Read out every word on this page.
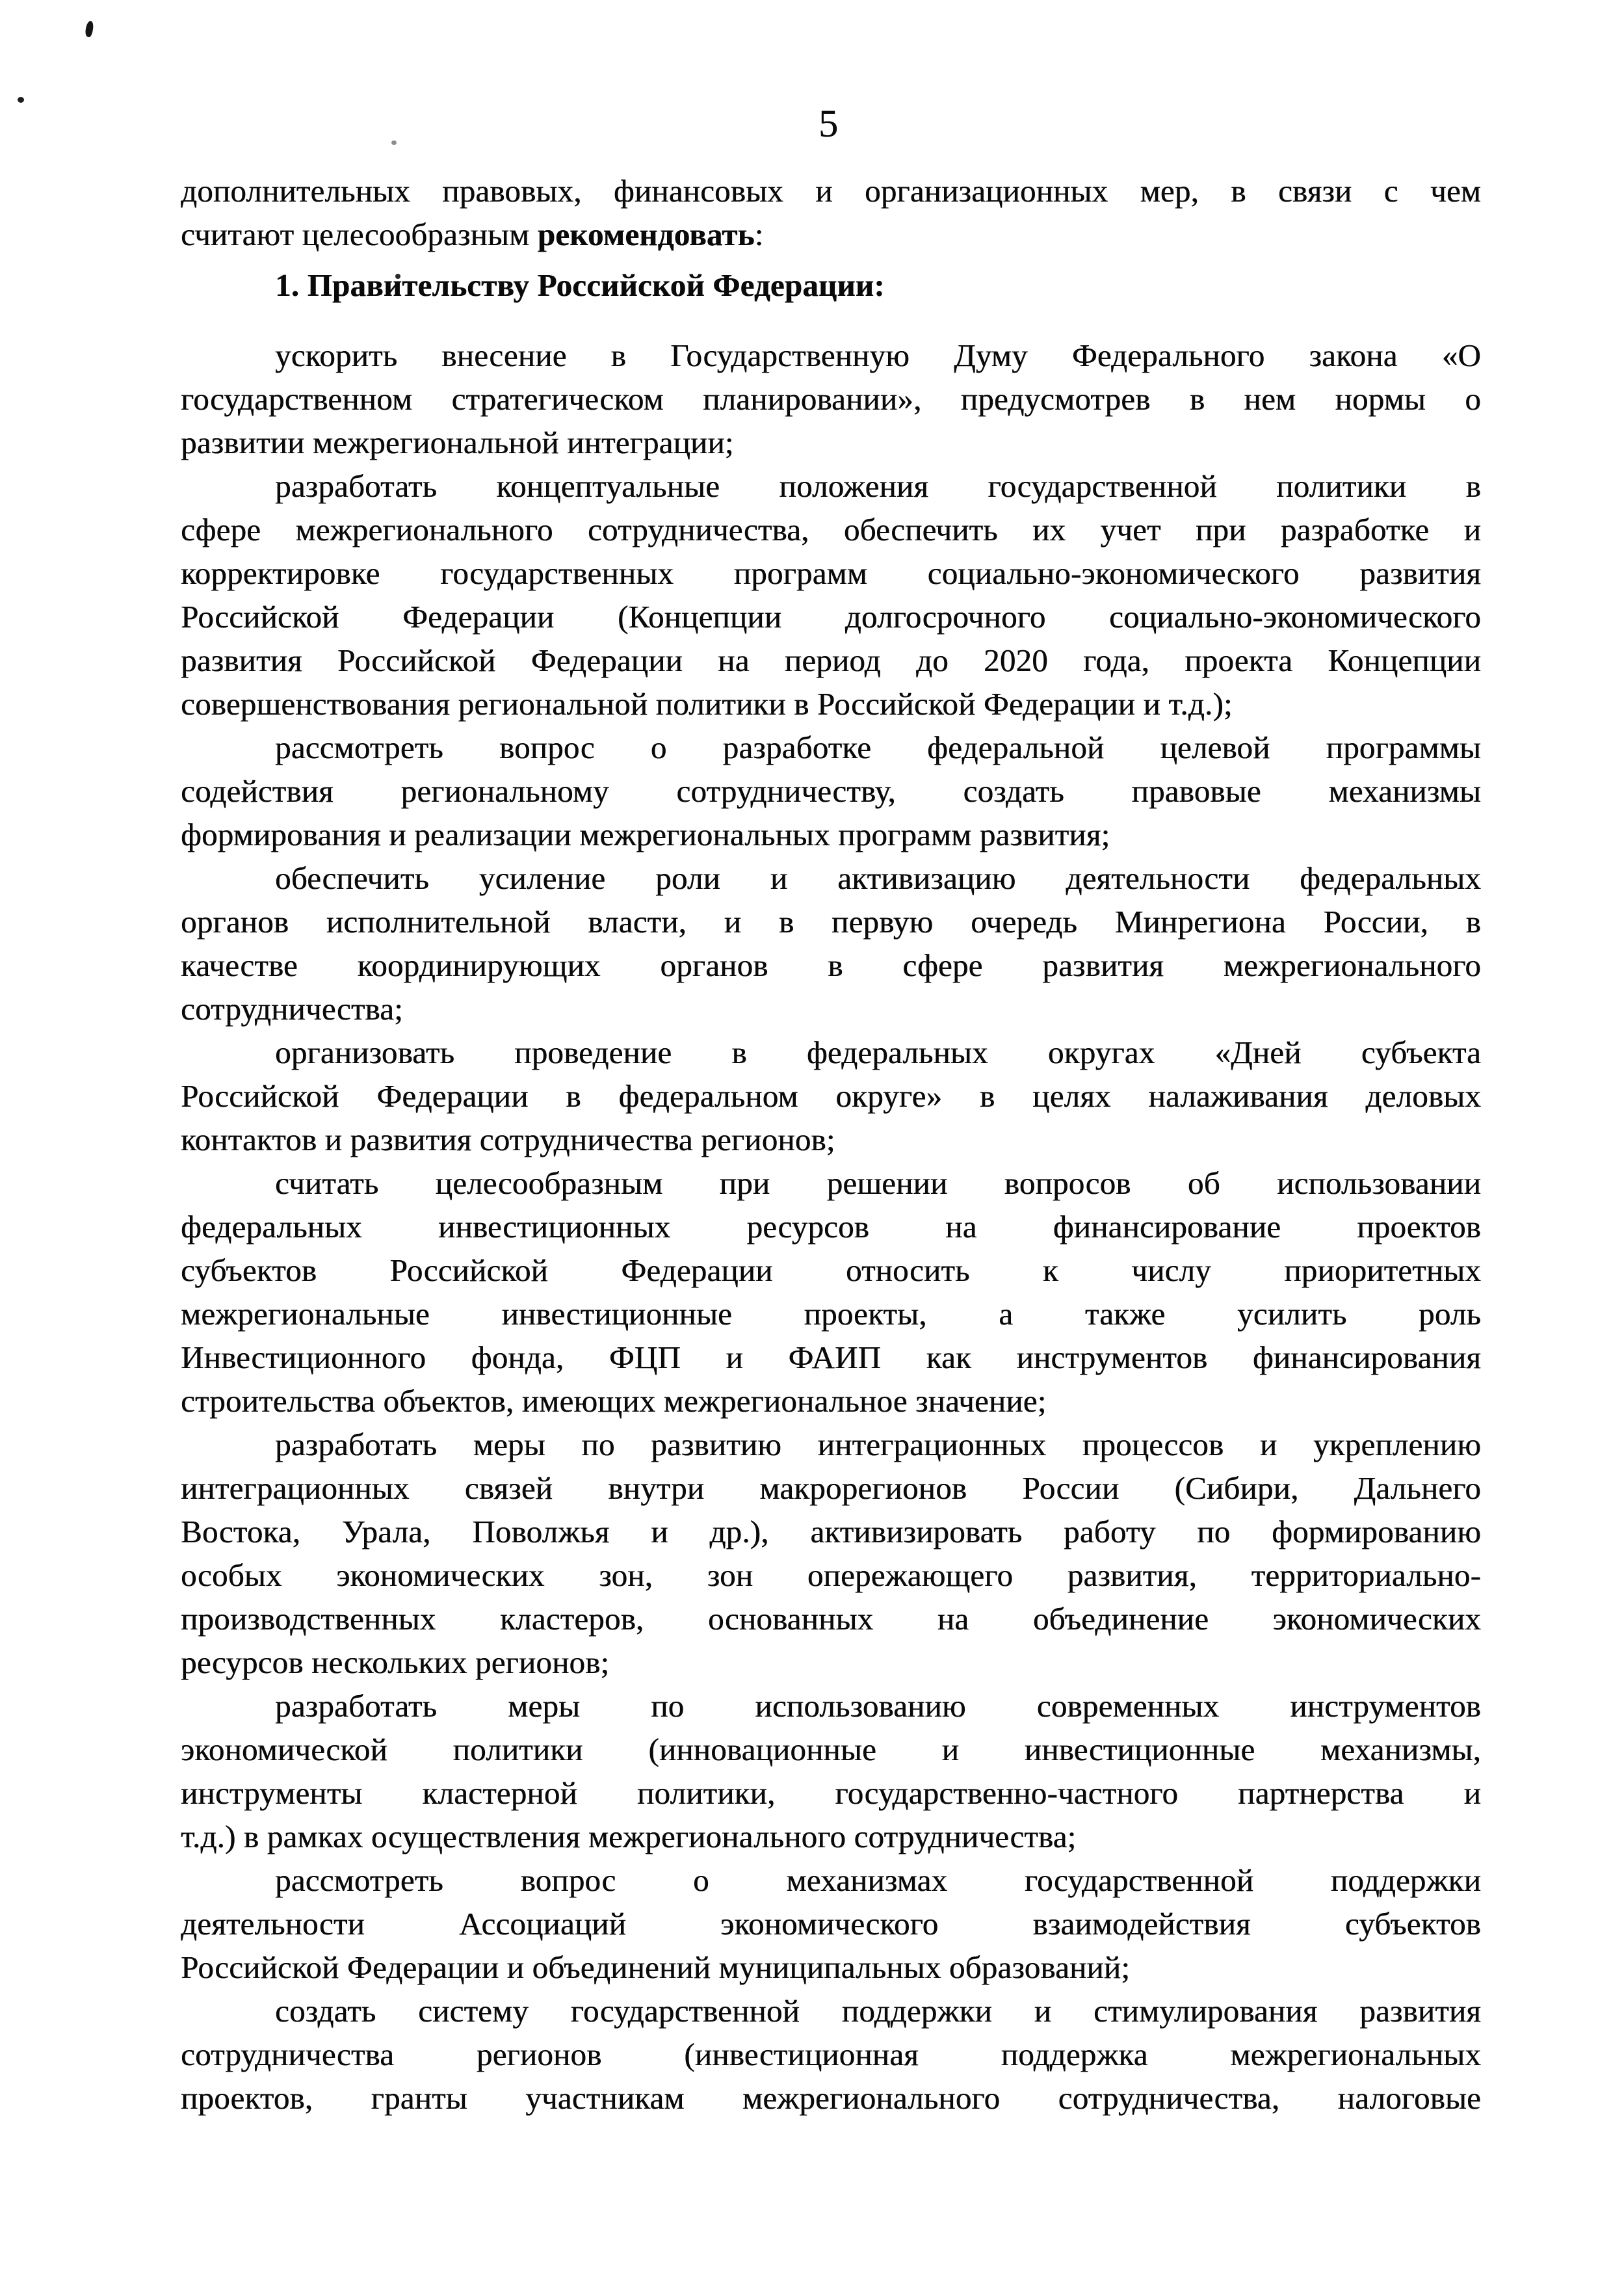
5
дополнительных правовых, финансовых и организационных мер, в связи с чем
считают целесообразным рекомендовать:
1. Правительству Российской Федерации:
ускорить внесение в Государственную Думу Федерального закона «О
государственном стратегическом планировании», предусмотрев в нем нормы о
развитии межрегиональной интеграции;
разработать концептуальные положения государственной политики в
сфере межрегионального сотрудничества, обеспечить их учет при разработке и
корректировке государственных программ социально-экономического развития
Российской Федерации (Концепции долгосрочного социально-экономического
развития Российской Федерации на период до 2020 года, проекта Концепции
совершенствования региональной политики в Российской Федерации и т.д.);
рассмотреть вопрос о разработке федеральной целевой программы
содействия региональному сотрудничеству, создать правовые механизмы
формирования и реализации межрегиональных программ развития;
обеспечить усиление роли и активизацию деятельности федеральных
органов исполнительной власти, и в первую очередь Минрегиона России, в
качестве координирующих органов в сфере развития межрегионального
сотрудничества;
организовать проведение в федеральных округах «Дней субъекта
Российской Федерации в федеральном округе» в целях налаживания деловых
контактов и развития сотрудничества регионов;
считать целесообразным при решении вопросов об использовании
федеральных инвестиционных ресурсов на финансирование проектов
субъектов Российской Федерации относить к числу приоритетных
межрегиональные инвестиционные проекты, а также усилить роль
Инвестиционного фонда, ФЦП и ФАИП как инструментов финансирования
строительства объектов, имеющих межрегиональное значение;
разработать меры по развитию интеграционных процессов и укреплению
интеграционных связей внутри макрорегионов России (Сибири, Дальнего
Востока, Урала, Поволжья и др.), активизировать работу по формированию
особых экономических зон, зон опережающего развития, территориально-
производственных кластеров, основанных на объединение экономических
ресурсов нескольких регионов;
разработать меры по использованию современных инструментов
экономической политики (инновационные и инвестиционные механизмы,
инструменты кластерной политики, государственно-частного партнерства и
т.д.) в рамках осуществления межрегионального сотрудничества;
рассмотреть вопрос о механизмах государственной поддержки
деятельности Ассоциаций экономического взаимодействия субъектов
Российской Федерации и объединений муниципальных образований;
создать систему государственной поддержки и стимулирования развития
сотрудничества регионов (инвестиционная поддержка межрегиональных
проектов, гранты участникам межрегионального сотрудничества, налоговые
